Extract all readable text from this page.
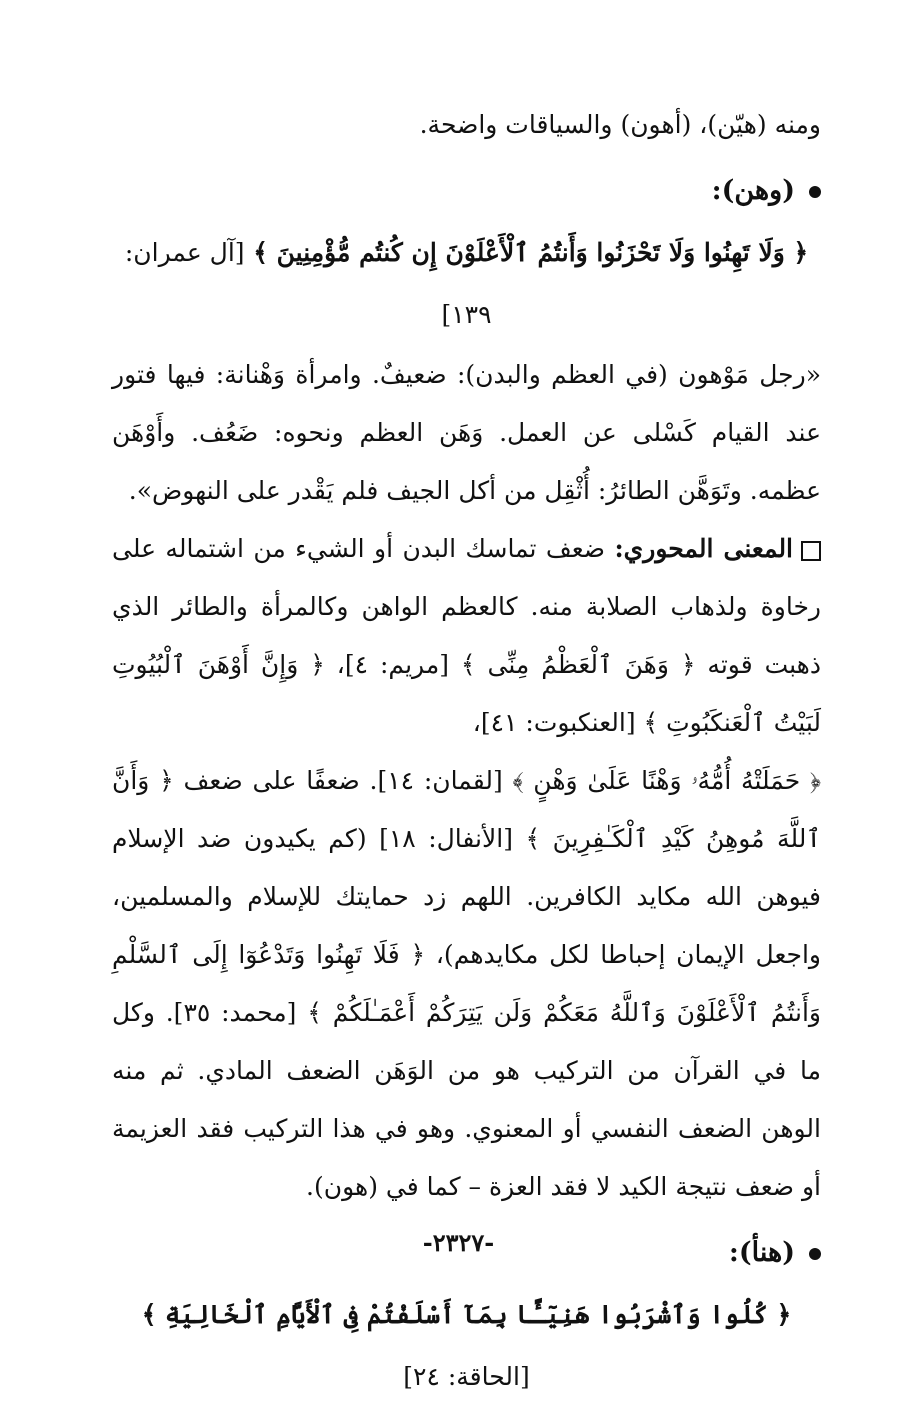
ومنه (هيّن)، (أهون) والسياقات واضحة.

(وهن):

﴿ وَلَا تَهِنُوا وَلَا تَحْزَنُوا وَأَنتُمُ ٱلْأَعْلَوْنَ إِن كُنتُم مُّؤْمِنِينَ ﴾ [آل عمران: ١٣٩]

«رجل مَوْهون (في العظم والبدن): ضعيفٌ. وامرأة وَهْنانة: فيها فتور عند القيام كَسْلى عن العمل. وَهَن العظم ونحوه: ضَعُف. وأَوْهَن عظمه. وتَوَهَّن الطائرُ: أُثْقِل من أكل الجيف فلم يَقْدر على النهوض».

المعنى المحوري: ضعف تماسك البدن أو الشيء من اشتماله على رخاوة ولذهاب الصلابة منه. كالعظم الواهن وكالمرأة والطائر الذي ذهبت قوته ﴿ وَهَنَ ٱلْعَظْمُ مِنِّى ﴾ [مريم: ٤]، ﴿ وَإِنَّ أَوْهَنَ ٱلْبُيُوتِ لَبَيْتُ ٱلْعَنكَبُوتِ ﴾ [العنكبوت: ٤١]،

﴿ حَمَلَتْهُ أُمُّهُۥ وَهْنًا عَلَىٰ وَهْنٍ ﴾ [لقمان: ١٤]. ضعفًا على ضعف ﴿ وَأَنَّ ٱللَّهَ مُوهِنُ كَيْدِ ٱلْكَـٰفِرِينَ ﴾ [الأنفال: ١٨] (كم يكيدون ضد الإسلام فيوهن الله مكايد الكافرين. اللهم زد حمايتك للإسلام والمسلمين، واجعل الإيمان إحباطا لكل مكايدهم)، ﴿ فَلَا تَهِنُوا وَتَدْعُوٓا إِلَى ٱلسَّلْمِ وَأَنتُمُ ٱلْأَعْلَوْنَ وَٱللَّهُ مَعَكُمْ وَلَن يَتِرَكُمْ أَعْمَـٰلَكُمْ ﴾ [محمد: ٣٥]. وكل ما في القرآن من التركيب هو من الوَهَن الضعف المادي. ثم منه الوهن الضعف النفسي أو المعنوي. وهو في هذا التركيب فقد العزيمة أو ضعف نتيجة الكيد لا فقد العزة – كما في (هون).

(هنأ):

﴿ كُلُوا وَٱشْرَبُوا هَنِيٓـًٔا بِمَآ أَسْلَفْتُمْ فِى ٱلْأَيَّامِ ٱلْخَالِيَةِ ﴾ [الحاقة: ٢٤]

-٢٣٢٧-
